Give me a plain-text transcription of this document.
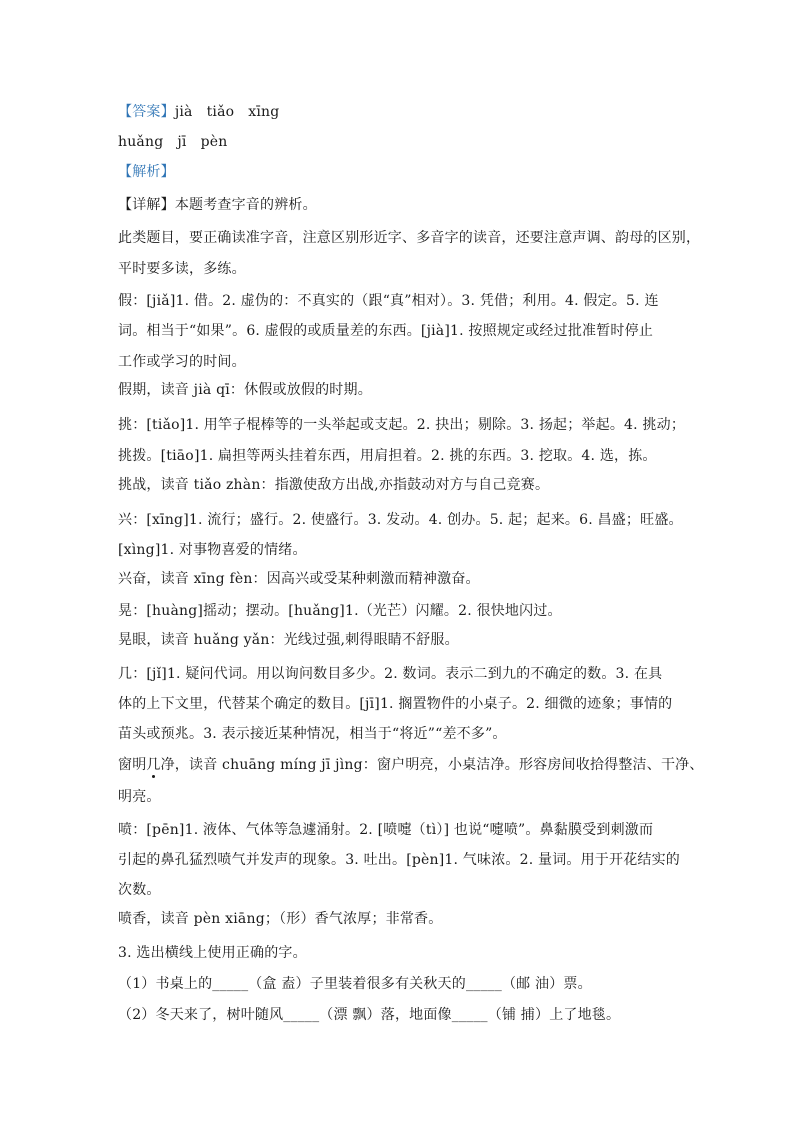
【答案】jià tiǎo xīng
huǎng jī pèn
【解析】
【详解】本题考查字音的辨析。
此类题目，要正确读准字音，注意区别形近字、多音字的读音，还要注意声调、韵母的区别，
平时要多读，多练。
假：[jiǎ]1. 借。2. 虚伪的：不真实的（跟“真”相对）。3. 凭借；利用。4. 假定。5. 连
词。相当于“如果”。6. 虚假的或质量差的东西。[jià]1. 按照规定或经过批准暂时停止
工作或学习的时间。
假期，读音 jià qī：休假或放假的时期。
挑：[tiǎo]1. 用竿子棍棒等的一头举起或支起。2. 抉出；剔除。3. 扬起；举起。4. 挑动；
挑拨。[tiāo]1. 扁担等两头挂着东西，用肩担着。2. 挑的东西。3. 挖取。4. 选，拣。
挑战，读音 tiǎo zhàn：指激使敌方出战,亦指鼓动对方与自己竞赛。
兴：[xīng]1. 流行；盛行。2. 使盛行。3. 发动。4. 创办。5. 起；起来。6. 昌盛；旺盛。
[xìng]1. 对事物喜爱的情绪。
兴奋，读音 xīng fèn：因高兴或受某种刺激而精神激奋。
晃：[huàng]摇动；摆动。[huǎng]1.（光芒）闪耀。2. 很快地闪过。
晃眼，读音 huǎng yǎn：光线过强,刺得眼睛不舒服。
几：[jǐ]1. 疑问代词。用以询问数目多少。2. 数词。表示二到九的不确定的数。3. 在具
体的上下文里，代替某个确定的数目。[jī]1. 搁置物件的小桌子。2. 细微的迹象；事情的
苗头或预兆。3. 表示接近某种情况，相当于“将近”“差不多”。
窗明几净，读音 chuāng míng jī jìng：窗户明亮，小桌洁净。形容房间收拾得整洁、干净、
明亮。
喷：[pēn]1. 液体、气体等急遽涌射。2. [喷嚏（tì）] 也说“嚏喷”。鼻黏膜受到刺激而
引起的鼻孔猛烈喷气并发声的现象。3. 吐出。[pèn]1. 气味浓。2. 量词。用于开花结实的
次数。
喷香，读音 pèn xiāng；（形）香气浓厚；非常香。
3. 选出横线上使用正确的字。
（1）书桌上的_____（盒 盍）子里装着很多有关秋天的_____（邮 油）票。
（2）冬天来了，树叶随风_____（漂 飘）落，地面像_____（铺 捕）上了地毯。
